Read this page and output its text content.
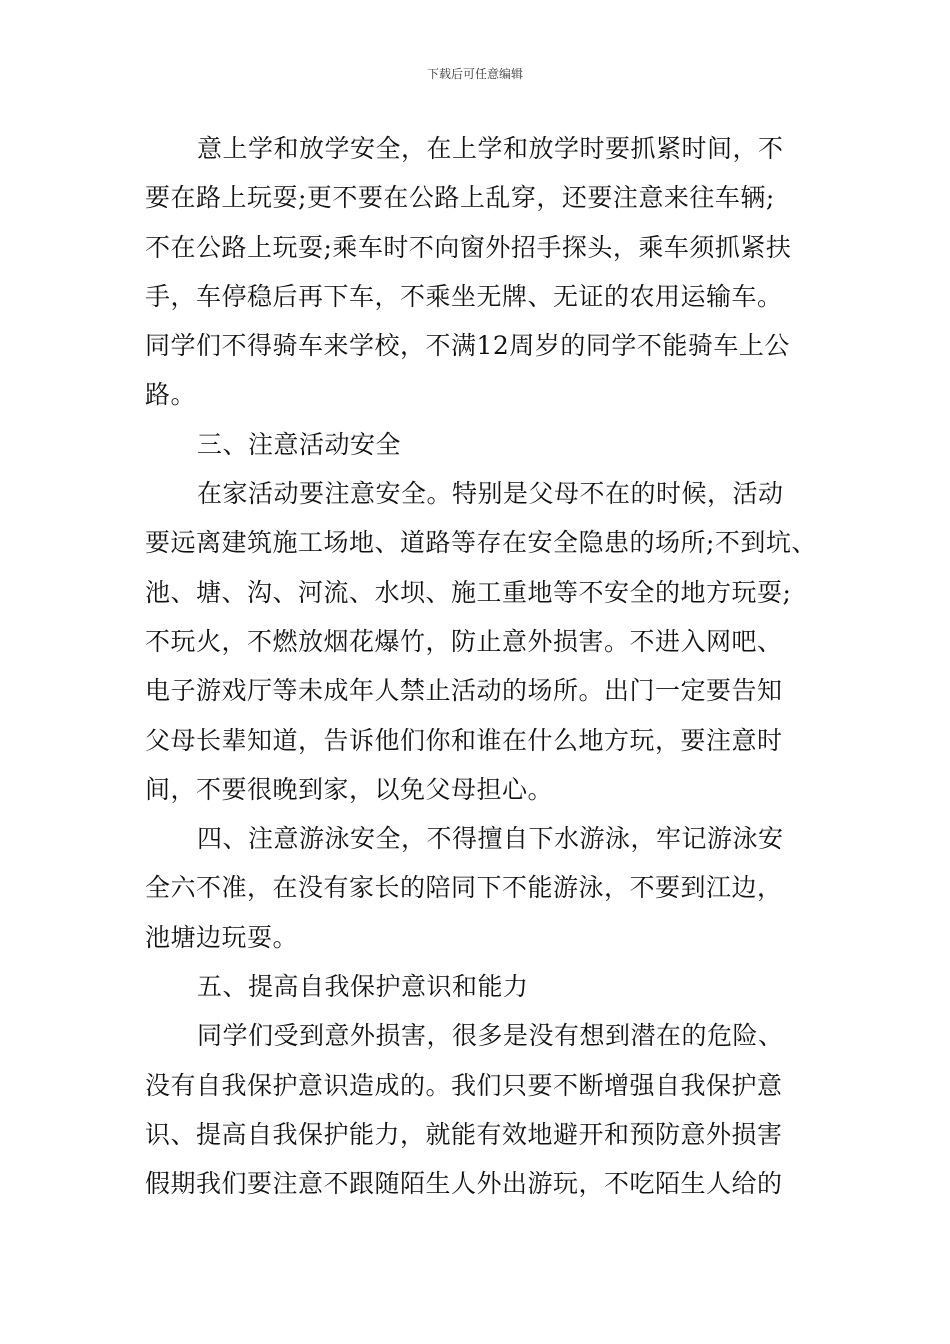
下载后可任意编辑
意上学和放学安全，在上学和放学时要抓紧时间，不
要在路上玩耍;更不要在公路上乱穿，还要注意来往车辆;
不在公路上玩耍;乘车时不向窗外招手探头，乘车须抓紧扶
手，车停稳后再下车，不乘坐无牌、无证的农用运输车。
同学们不得骑车来学校，不满12周岁的同学不能骑车上公
路。
三、注意活动安全
在家活动要注意安全。特别是父母不在的时候，活动
要远离建筑施工场地、道路等存在安全隐患的场所;不到坑、
池、塘、沟、河流、水坝、施工重地等不安全的地方玩耍;
不玩火，不燃放烟花爆竹，防止意外损害。不进入网吧、
电子游戏厅等未成年人禁止活动的场所。出门一定要告知
父母长辈知道，告诉他们你和谁在什么地方玩，要注意时
间，不要很晚到家，以免父母担心。
四、注意游泳安全，不得擅自下水游泳，牢记游泳安
全六不准，在没有家长的陪同下不能游泳，不要到江边，
池塘边玩耍。
五、提高自我保护意识和能力
同学们受到意外损害，很多是没有想到潜在的危险、
没有自我保护意识造成的。我们只要不断增强自我保护意
识、提高自我保护能力，就能有效地避开和预防意外损害
假期我们要注意不跟随陌生人外出游玩，不吃陌生人给的
